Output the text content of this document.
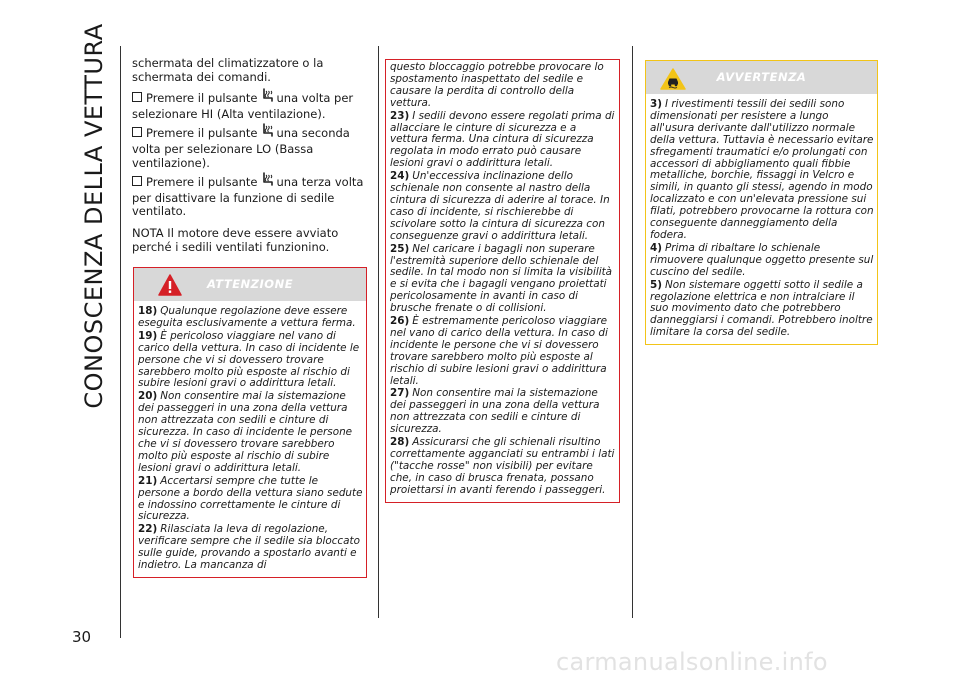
CONOSCENZA DELLA VETTURA
30

schermata del climatizzatore o la schermata dei comandi.

Premere il pulsante una volta per selezionare HI (Alta ventilazione).

Premere il pulsante una seconda volta per selezionare LO (Bassa ventilazione).

Premere il pulsante una terza volta per disattivare la funzione di sedile ventilato.

NOTA Il motore deve essere avviato perché i sedili ventilati funzionino.

ATTENZIONE
18) Qualunque regolazione deve essere eseguita esclusivamente a vettura ferma.
19) È pericoloso viaggiare nel vano di carico della vettura. In caso di incidente le persone che vi si dovessero trovare sarebbero molto più esposte al rischio di subire lesioni gravi o addirittura letali.
20) Non consentire mai la sistemazione dei passeggeri in una zona della vettura non attrezzata con sedili e cinture di sicurezza. In caso di incidente le persone che vi si dovessero trovare sarebbero molto più esposte al rischio di subire lesioni gravi o addirittura letali.
21) Accertarsi sempre che tutte le persone a bordo della vettura siano sedute e indossino correttamente le cinture di sicurezza.
22) Rilasciata la leva di regolazione, verificare sempre che il sedile sia bloccato sulle guide, provando a spostarlo avanti e indietro. La mancanza di
questo bloccaggio potrebbe provocare lo spostamento inaspettato del sedile e causare la perdita di controllo della vettura.
23) I sedili devono essere regolati prima di allacciare le cinture di sicurezza e a vettura ferma. Una cintura di sicurezza regolata in modo errato può causare lesioni gravi o addirittura letali.
24) Un'eccessiva inclinazione dello schienale non consente al nastro della cintura di sicurezza di aderire al torace. In caso di incidente, si rischierebbe di scivolare sotto la cintura di sicurezza con conseguenze gravi o addirittura letali.
25) Nel caricare i bagagli non superare l'estremità superiore dello schienale del sedile. In tal modo non si limita la visibilità e si evita che i bagagli vengano proiettati pericolosamente in avanti in caso di brusche frenate o di collisioni.
26) È estremamente pericoloso viaggiare nel vano di carico della vettura. In caso di incidente le persone che vi si dovessero trovare sarebbero molto più esposte al rischio di subire lesioni gravi o addirittura letali.
27) Non consentire mai la sistemazione dei passeggeri in una zona della vettura non attrezzata con sedili e cinture di sicurezza.
28) Assicurarsi che gli schienali risultino correttamente agganciati su entrambi i lati ("tacche rosse" non visibili) per evitare che, in caso di brusca frenata, possano proiettarsi in avanti ferendo i passeggeri.
AVVERTENZA
3) I rivestimenti tessili dei sedili sono dimensionati per resistere a lungo all'usura derivante dall'utilizzo normale della vettura. Tuttavia è necessario evitare sfregamenti traumatici e/o prolungati con accessori di abbigliamento quali fibbie metalliche, borchie, fissaggi in Velcro e simili, in quanto gli stessi, agendo in modo localizzato e con un'elevata pressione sui filati, potrebbero provocarne la rottura con conseguente danneggiamento della fodera.
4) Prima di ribaltare lo schienale rimuovere qualunque oggetto presente sul cuscino del sedile.
5) Non sistemare oggetti sotto il sedile a regolazione elettrica e non intralciare il suo movimento dato che potrebbero danneggiarsi i comandi. Potrebbero inoltre limitare la corsa del sedile.
carmanualsonline.info
